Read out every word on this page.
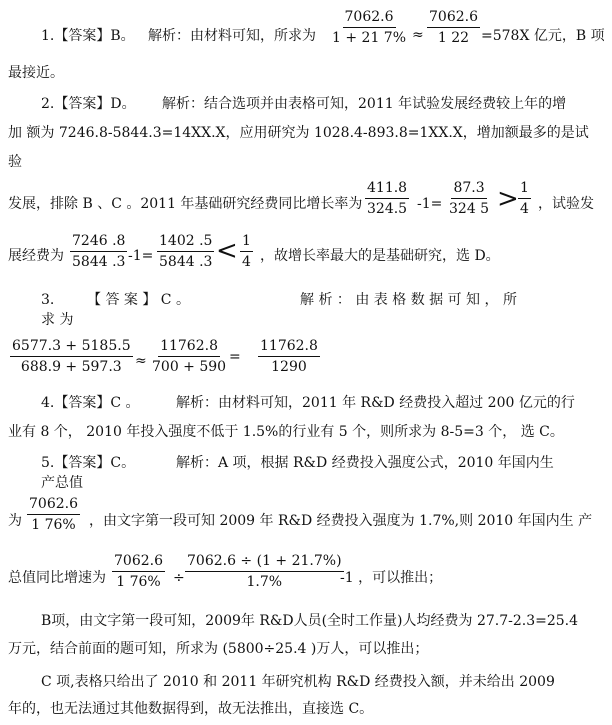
1.【答案】B。 解析：由材料可知，所求为 $\frac{7062.6}{1 + 21 7\%} \approx \frac{7062.6}{1 22} =578X$ 亿元，B 项
最接近。
2.【答案】D。 解析：结合选项并由表格可知，2011 年试验发展经费较上年的增
加 额为 7246.8-5844.3=14XX.X，应用研究为 1028.4-893.8=1XX.X，增加额最多的是试
验
发展，排除 B 、C 。2011 年基础研究经费同比增长率为 $\frac{411.8}{324.5} -1= \frac{87.3}{324 5} > \frac{1}{4}$ ，试验发
展经费为 $\frac{7246 .8}{5844 .3} -1= \frac{1402 .5}{5844 .3} < \frac{1}{4}$ ，故增长率最大的是基础研究，选 D。
3. 【 答 案 】 C 。	解 析 ： 由 表 格 数 据 可 知 ， 所
求 为
$\frac{6577.3 + 5185.5}{688.9 + 597.3} \approx \frac{11762.8}{700 + 590} = \frac{11762.8}{1290}$
4.【答案】C 。	解析：由材料可知，2011 年 R&D 经费投入超过 200 亿元的行
业有 8 个， 2010 年投入强度不低于 1.5%的行业有 5 个，则所求为 8-5=3 个， 选 C。
5.【答案】C。	解析：A 项，根据 R&D 经费投入强度公式，2010 年国内生
产总值
为 $\frac{7062.6}{1 76\%}$ ，由文字第一段可知 2009 年 R&D 经费投入强度为 1.7%,则 2010 年国内生 产
总值同比增速为 $\frac{7062.6}{1 76\%} \div \frac{7062.6 \div (1 + 21.7\%)}{1.7\%}$
-1 ，可以推出；
B项，由文字第一段可知，2009年 R&D人员(全时工作量)人均经费为 27.7-2.3=25.4
万元，结合前面的题可知，所求为 (5800÷25.4 )万人，可以推出；
C 项,表格只给出了 2010 和 2011 年研究机构 R&D 经费投入额，并未给出 2009
年的，也无法通过其他数据得到，故无法推出，直接选 C。
